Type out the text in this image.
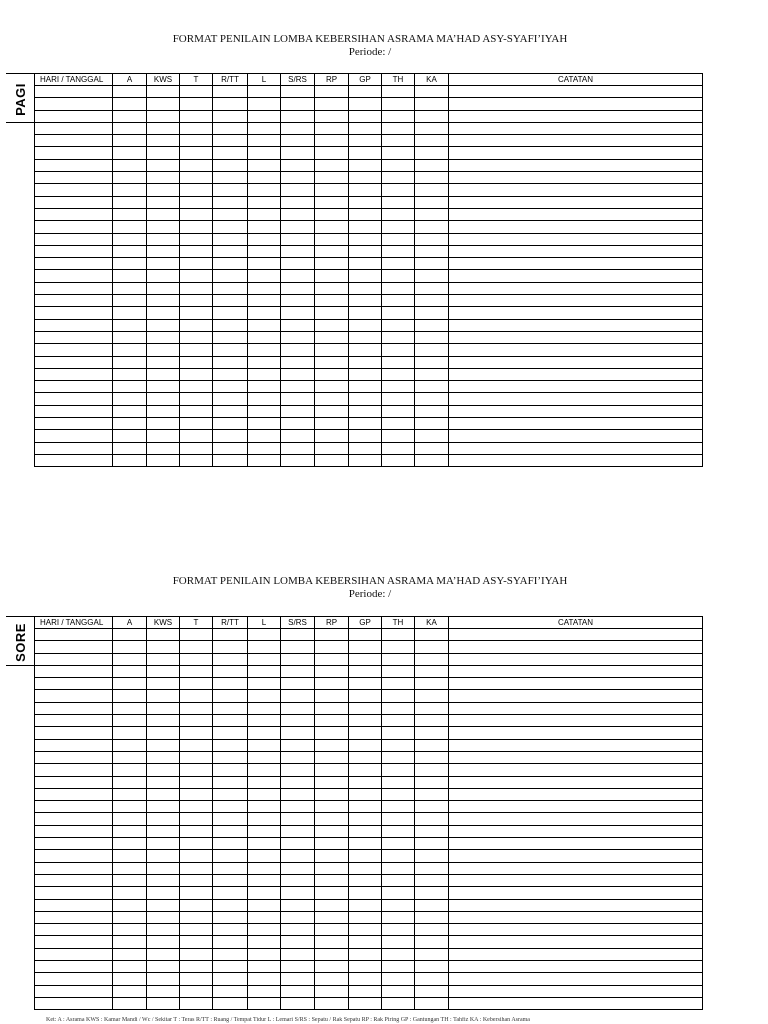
FORMAT PENILAIN LOMBA KEBERSIHAN ASRAMA MA’HAD ASY-SYAFI’IYAH
Periode: /
PAGI
HARI / TANGGAL	A	KWS	T	R/TT	L	S/RS	RP	GP	TH	KA	CATATAN

FORMAT PENILAIN LOMBA KEBERSIHAN ASRAMA MA’HAD ASY-SYAFI’IYAH
Periode: /
SORE
HARI / TANGGAL	A	KWS	T	R/TT	L	S/RS	RP	GP	TH	KA	CATATAN

Ket: A : Asrama KWS : Kamar Mandi / Wc / Sekitar T : Teras R/TT : Ruang / Tempat Tidur L : Lemari S/RS : Sepatu / Rak Sepatu RP : Rak Piring GP : Gantungan TH : Tahfiz KA : Kebersihan Asrama
